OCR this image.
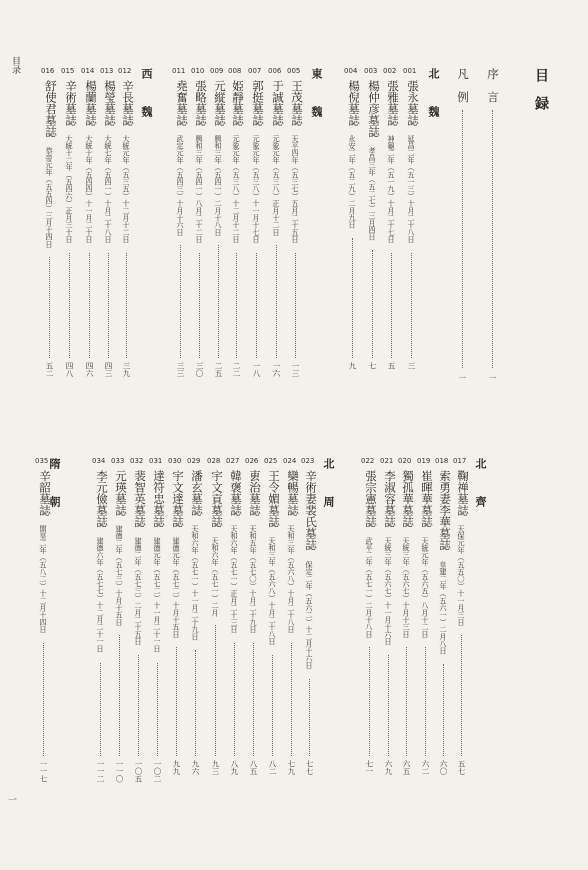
目录
一
目録
序　言
一
凡　例
一
北　魏
東　魏
西　魏
北　齊
北　周
隋　朝
001
張永墓誌
延昌二年（五一三）十月二十八日
三
002
張雅墓誌
神龜二年（五一九）十月二十七日
五
003
楊仲彦墓誌
孝昌三年（五二七）三月四日
七
004
楊倪墓誌
永安二年（五二九）二月九日
九
005
王茂墓誌
天平四年（五三七）五月二十五日
一三
006
于誠墓誌
元象元年（五三八）正月十二日
一六
007
郭挺墓誌
元象元年（五三八）十一月十七日
一八
008
姫靜墓誌
元象元年（五三八）十二月十二日
二二
009
元縦墓誌
興和三年（五四一）二月十八日
二五
010
張略墓誌
興和三年（五四一）八月二十二日
三〇
011
堯奮墓誌
武定元年（五四三）十月十六日
三三
012
辛長墓誌
大統元年（五三五）十二月十二日
三九
013
楊瑩墓誌
大統七年（五四一）十月二十八日
四三
014
楊蘭墓誌
大統十年（五四四）十一月二十日
四六
015
辛術墓誌
大統十二年（五四六）正月三十日
四八
016
舒使君墓誌
恭帝元年（五五四）三月十四日
五二
017
鞠禅墓誌
天保元年（五五〇）十一月三日
五七
018
索勇妻李華墓誌
皇建二年（五六一）二月八日
六〇
019
崔暉華墓誌
天統元年（五六五）八月十二日
六二
020
獨孤華墓誌
天統三年（五六七）十月十三日
六五
021
李淑容墓誌
天統三年（五六七）十一月十六日
六九
022
張宗憲墓誌
武平二年（五七一）二月十八日
七一
023
辛術妻裴氏墓誌
保定二年（五六二）十二月十六日
七七
024
欒暢墓誌
天和三年（五六八）十月二十八日
七九
025
王令媚墓誌
天和三年（五六八）十月二十八日
八二
026
叀治墓誌
天和五年（五七〇）十月二十九日
八五
027
韓褒墓誌
天和六年（五七一）正月二十三日
八九
028
宇文貢墓誌
天和六年（五七一）二月
九三
029
潘玄墓誌
天和六年（五七一）十一月二十九日
九六
030
宇文達墓誌
建德元年（五七二）十月十五日
九九
031
達符忠墓誌
建德元年（五七二）十一月二十一日
一〇二
032
裴智英墓誌
建德二年（五七三）二月二十五日
一〇五
033
元瑛墓誌
建德二年（五七三）十月十五日
一一〇
034
李元儉墓誌
建德六年（五七七）十二月二十一日
一一二
035
辛韶墓誌
開皇二年（五八二）十二月十四日
一一七
